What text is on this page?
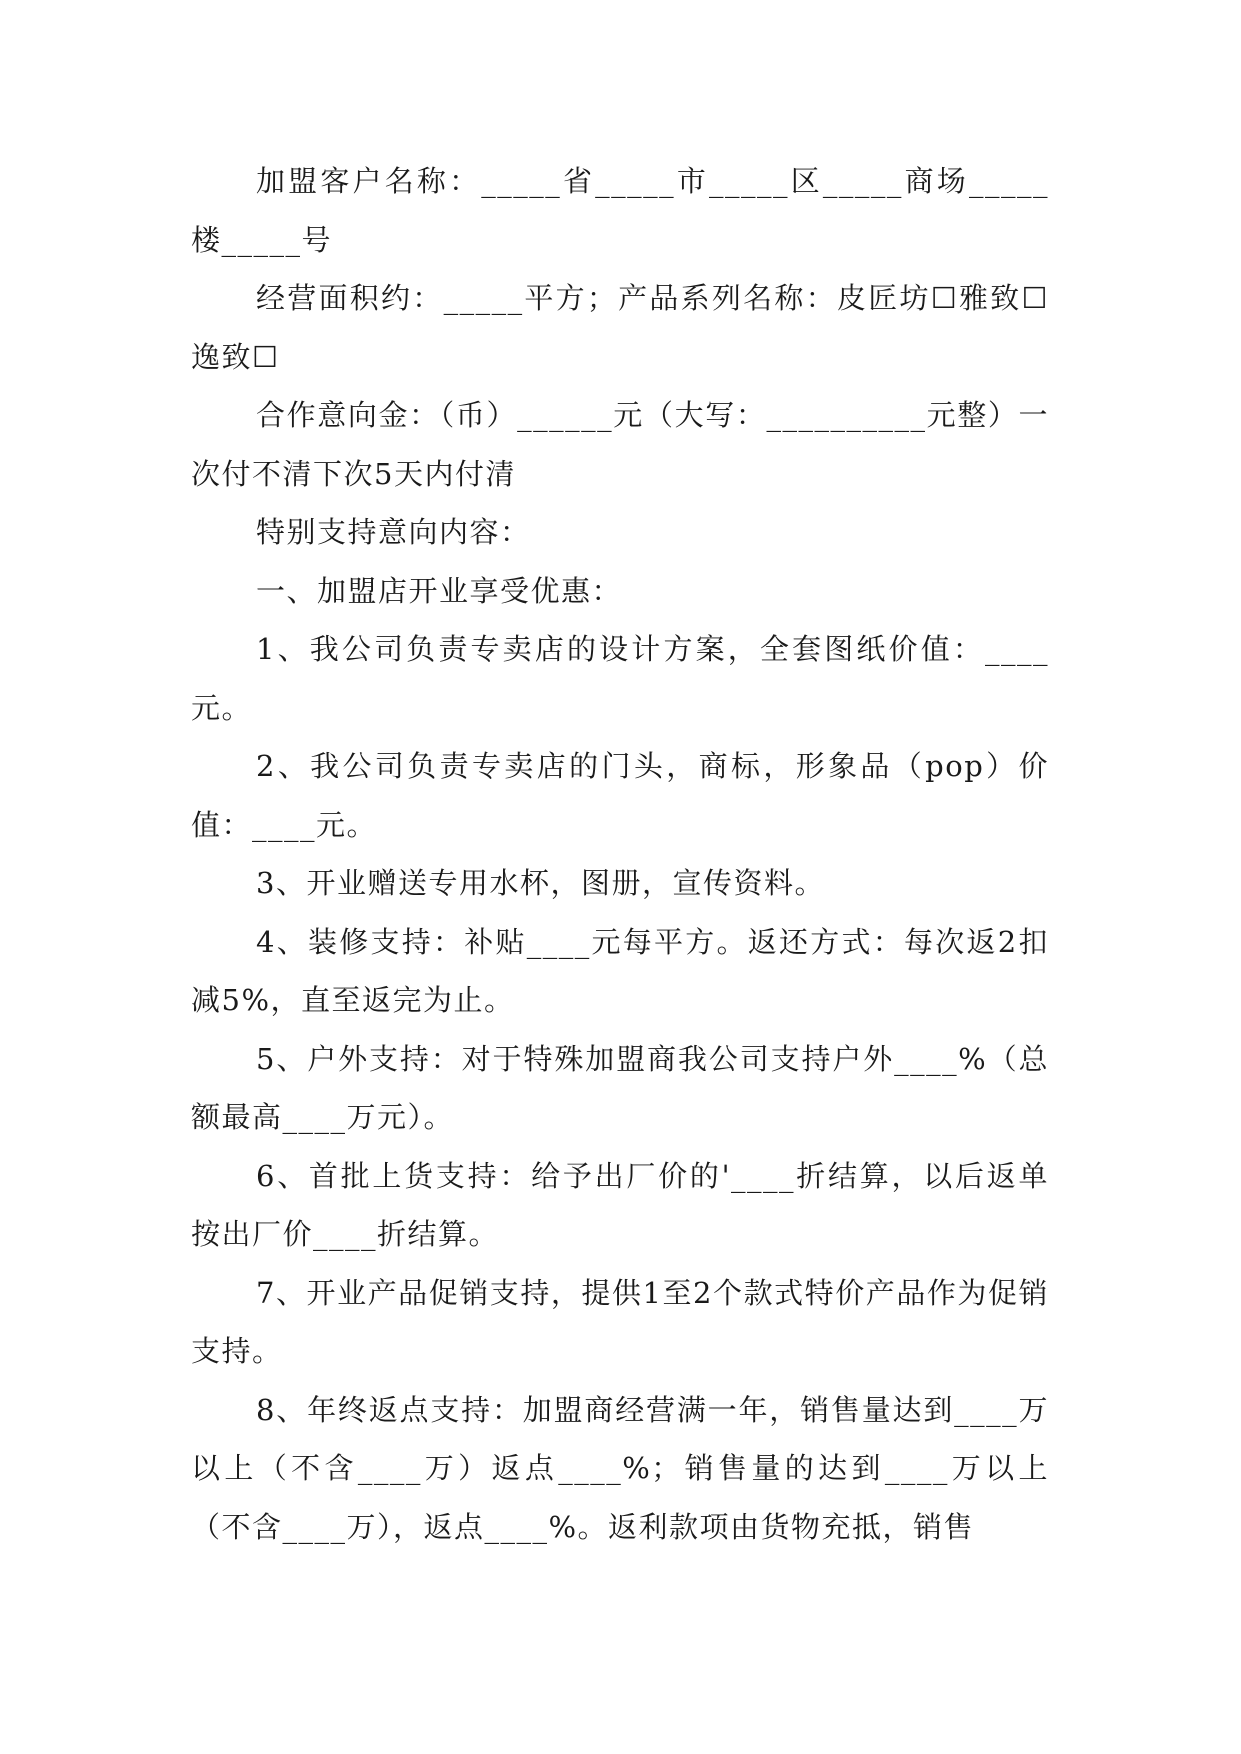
加盟客户名称：_____省_____市_____区_____商场_____楼_____号

经营面积约：_____平方；产品系列名称：皮匠坊☐雅致☐逸致☐

合作意向金：（币）______元（大写：__________元整）一次付不清下次5天内付清

特别支持意向内容：

一、加盟店开业享受优惠：

1、我公司负责专卖店的设计方案，全套图纸价值：____元。

2、我公司负责专卖店的门头，商标，形象品（pop）价值：____元。

3、开业赠送专用水杯，图册，宣传资料。

4、装修支持：补贴____元每平方。返还方式：每次返2扣减5%，直至返完为止。

5、户外支持：对于特殊加盟商我公司支持户外____%（总额最高____万元）。

6、首批上货支持：给予出厂价的'____折结算，以后返单按出厂价____折结算。

7、开业产品促销支持，提供1至2个款式特价产品作为促销支持。

8、年终返点支持：加盟商经营满一年，销售量达到____万以上（不含____万）返点____%；销售量的达到____万以上（不含____万），返点____%。返利款项由货物充抵，销售
